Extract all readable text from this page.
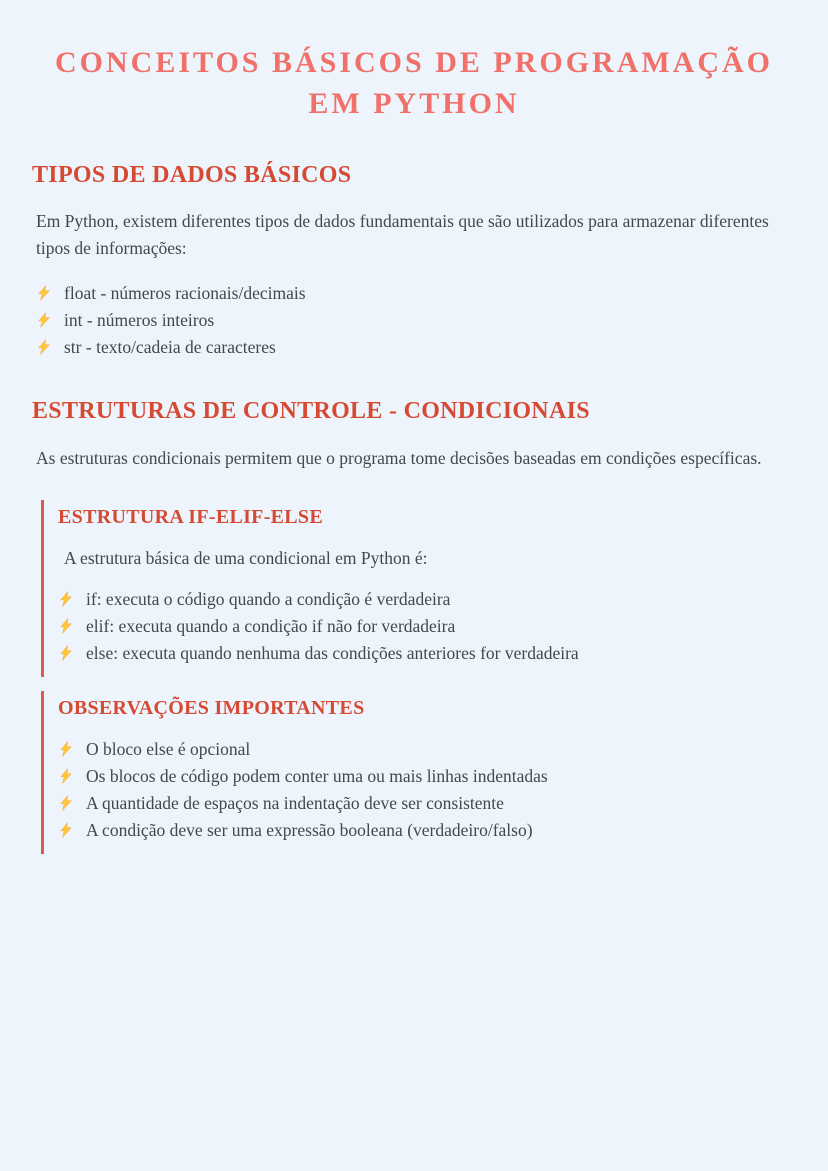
CONCEITOS BÁSICOS DE PROGRAMAÇÃO EM PYTHON
TIPOS DE DADOS BÁSICOS

Em Python, existem diferentes tipos de dados fundamentais que são utilizados para armazenar diferentes tipos de informações:

float - números racionais/decimais
int - números inteiros
str - texto/cadeia de caracteres
ESTRUTURAS DE CONTROLE - CONDICIONAIS

As estruturas condicionais permitem que o programa tome decisões baseadas em condições específicas.

ESTRUTURA IF-ELIF-ELSE

A estrutura básica de uma condicional em Python é:

if: executa o código quando a condição é verdadeira
elif: executa quando a condição if não for verdadeira
else: executa quando nenhuma das condições anteriores for verdadeira
OBSERVAÇÕES IMPORTANTES
O bloco else é opcional
Os blocos de código podem conter uma ou mais linhas indentadas
A quantidade de espaços na indentação deve ser consistente
A condição deve ser uma expressão booleana (verdadeiro/falso)
